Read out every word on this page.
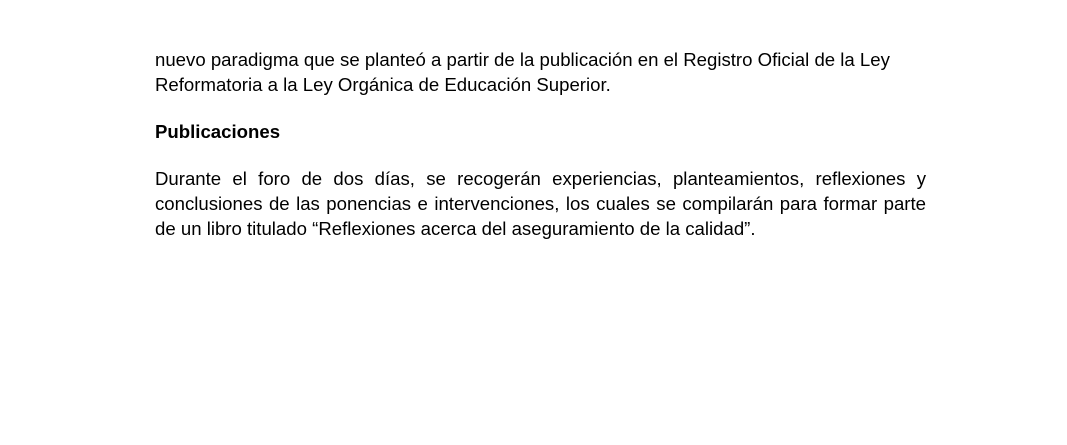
nuevo paradigma que se planteó a partir de la publicación en el Registro Oficial de la Ley Reformatoria a la Ley Orgánica de Educación Superior.

Publicaciones

Durante el foro de dos días, se recogerán experiencias, planteamientos, reflexiones y conclusiones de las ponencias e intervenciones, los cuales se compilarán para formar parte de un libro titulado “Reflexiones acerca del aseguramiento de la calidad”.
